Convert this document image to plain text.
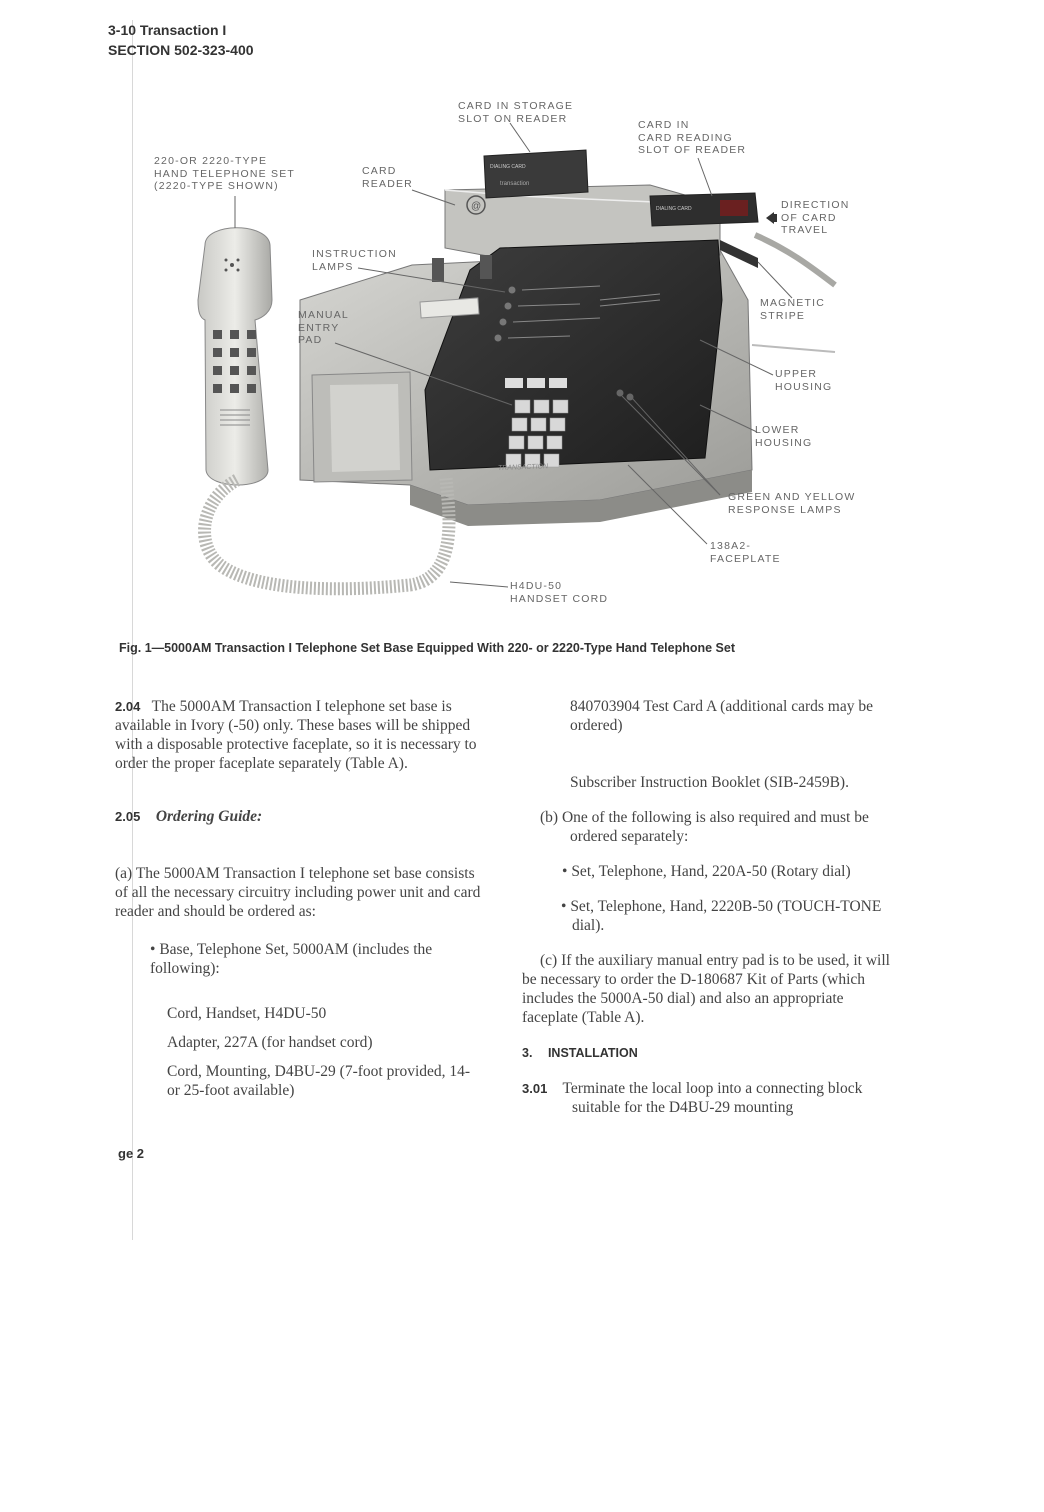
3-10 Transaction I
SECTION 502-323-400
@
DIALING CARD
transaction
DIALING CARD
TRANSACTION
CARD IN STORAGE
SLOT ON READER
CARD IN
CARD READING
SLOT OF READER
220-OR 2220-TYPE
HAND TELEPHONE SET
(2220-TYPE SHOWN)
CARD
READER
DIRECTION
OF CARD
TRAVEL
INSTRUCTION
LAMPS
MANUAL
ENTRY
PAD
MAGNETIC
STRIPE
UPPER
HOUSING
LOWER
HOUSING
GREEN AND YELLOW
RESPONSE LAMPS
138A2-
FACEPLATE
H4DU-50
HANDSET CORD
Fig. 1—5000AM Transaction I Telephone Set Base Equipped With 220- or 2220-Type Hand Telephone Set

2.04 The 5000AM Transaction I telephone set base is available in Ivory (-50) only. These bases will be shipped with a disposable protective faceplate, so it is necessary to order the proper faceplate separately (Table A).

2.05 Ordering Guide:

(a) The 5000AM Transaction I telephone set base consists of all the necessary circuitry including power unit and card reader and should be ordered as:

• Base, Telephone Set, 5000AM (includes the following):

Cord, Handset, H4DU-50

Adapter, 227A (for handset cord)

Cord, Mounting, D4BU-29 (7-foot provided, 14- or 25-foot available)

840703904 Test Card A (additional cards may be ordered)

Subscriber Instruction Booklet (SIB-2459B).

(b) One of the following is also required and must be ordered separately:

• Set, Telephone, Hand, 220A-50 (Rotary dial)

• Set, Telephone, Hand, 2220B-50 (TOUCH-TONE dial).

(c) If the auxiliary manual entry pad is to be used, it will be necessary to order the D-180687 Kit of Parts (which includes the 5000A-50 dial) and also an appropriate faceplate (Table A).

3. INSTALLATION

3.01 Terminate the local loop into a connecting block suitable for the D4BU-29 mounting

ge 2
